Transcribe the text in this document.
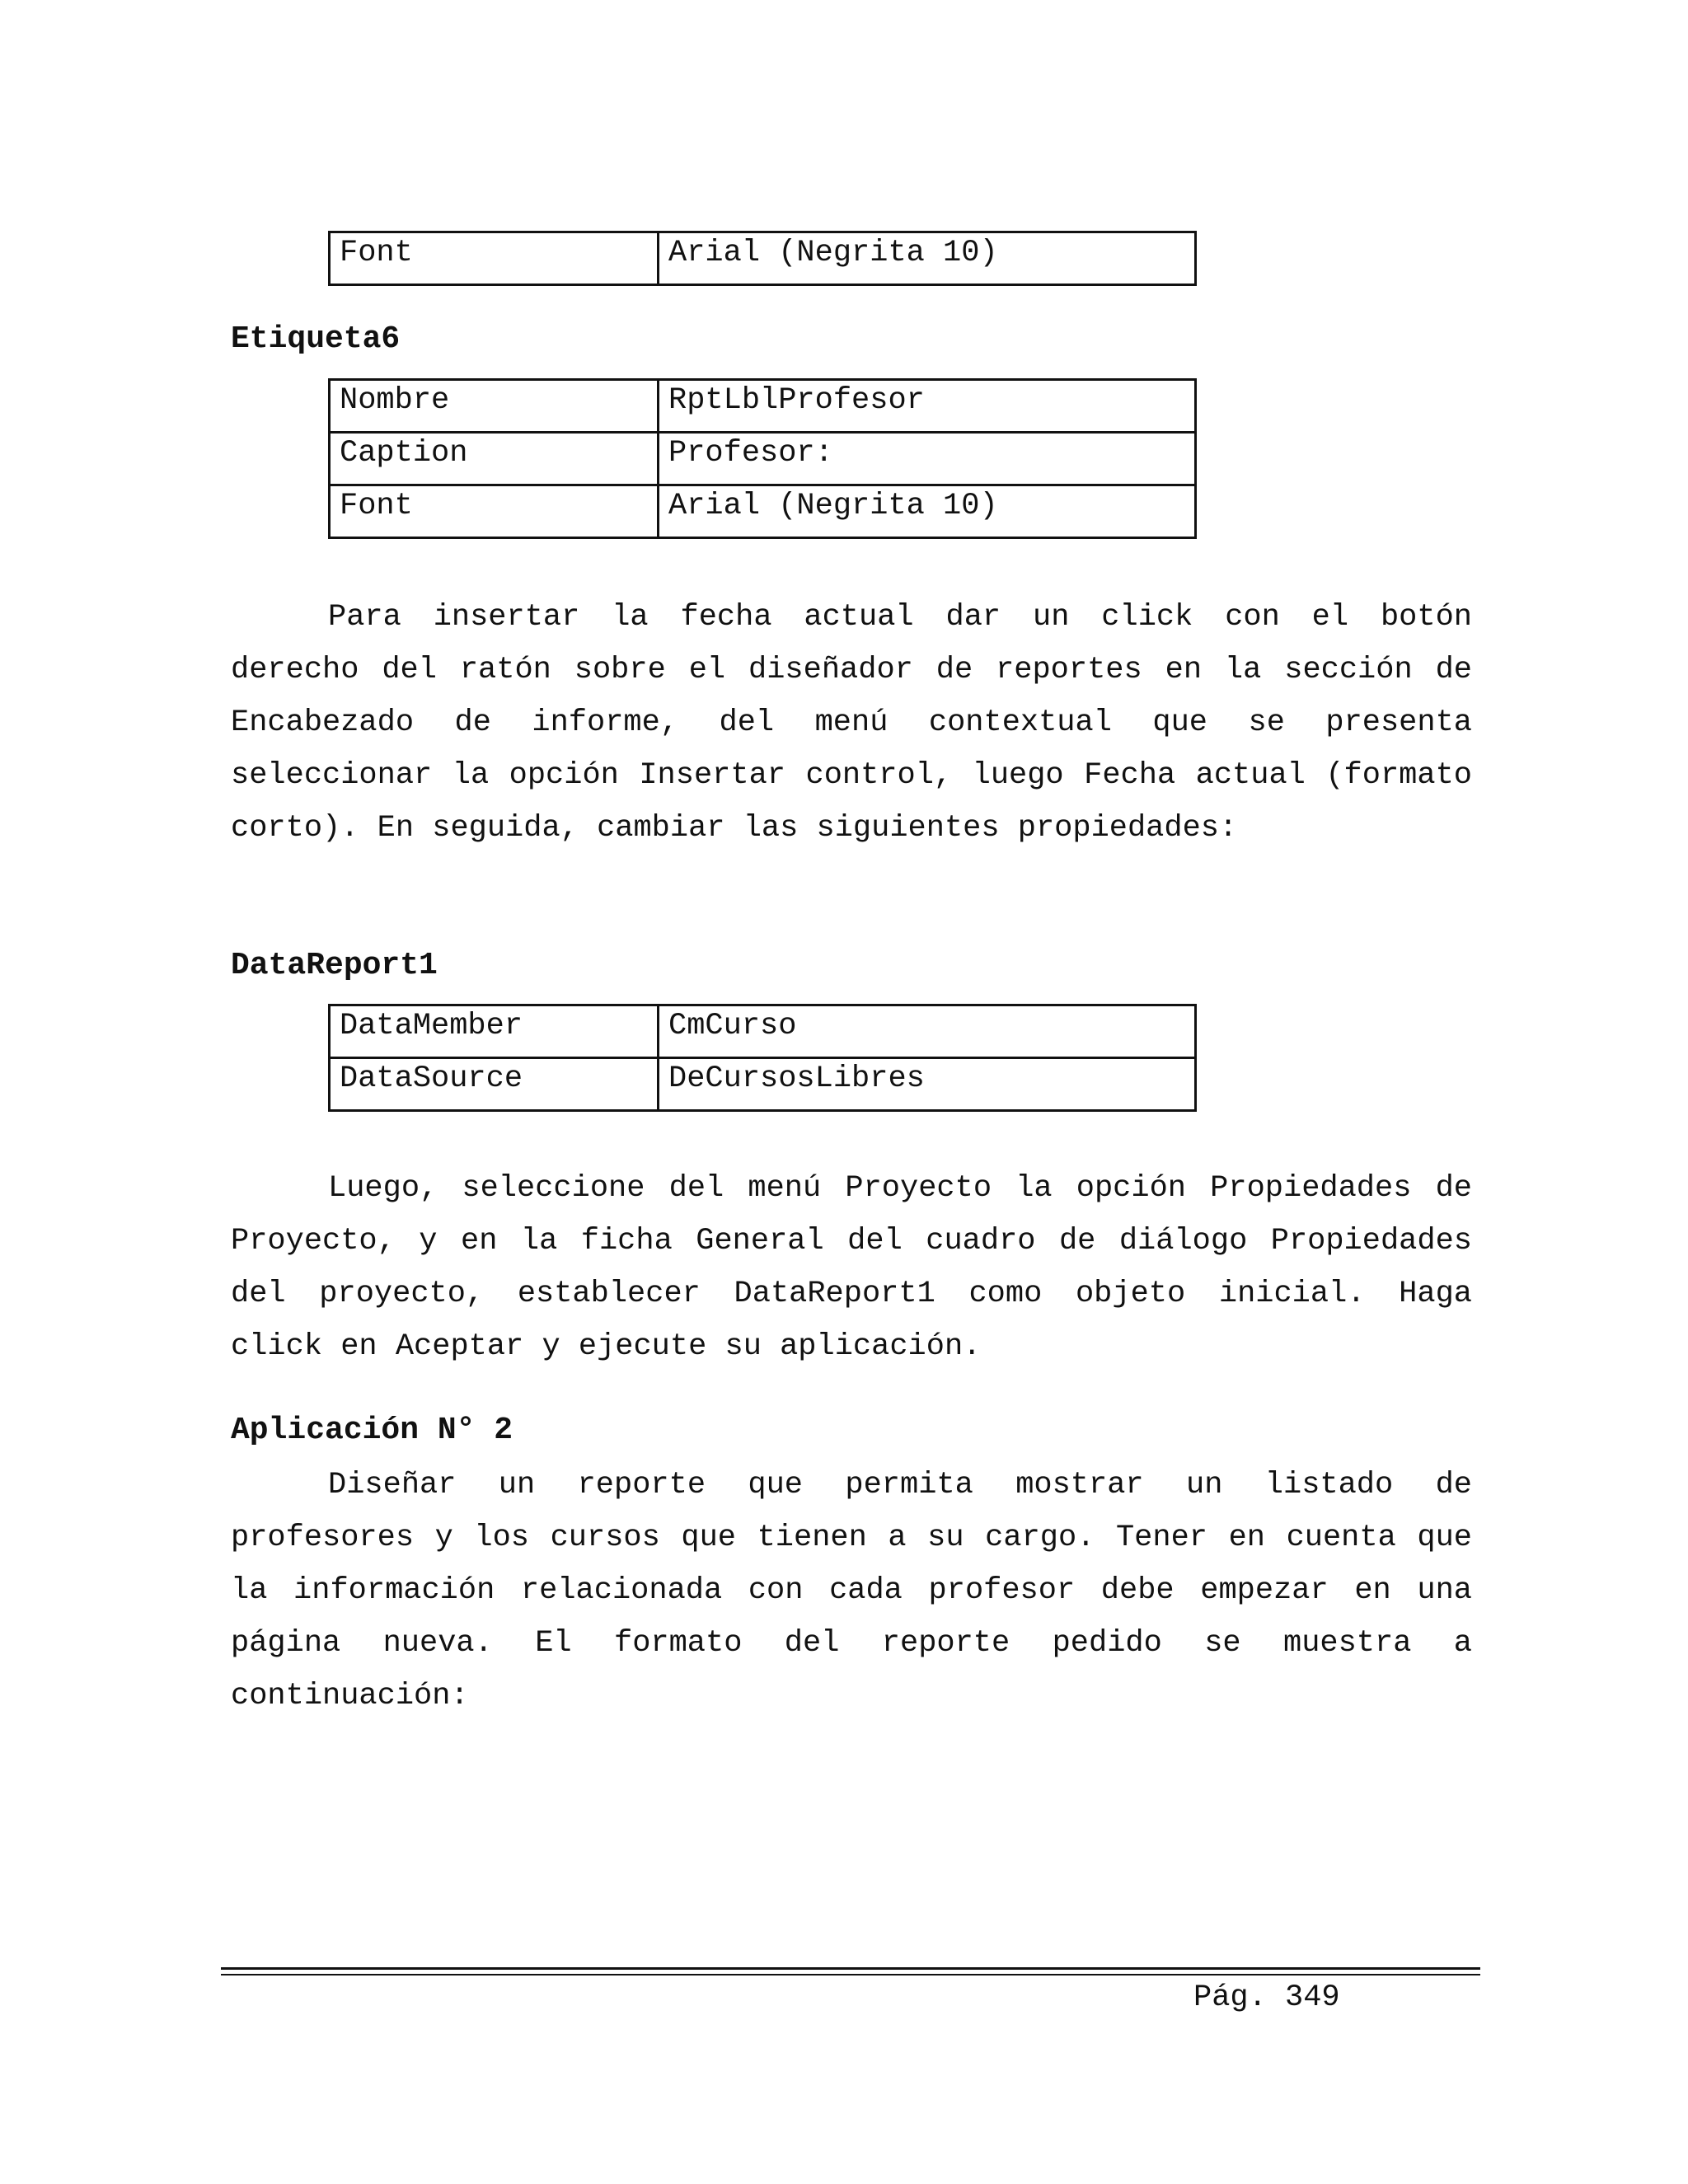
Font	Arial (Negrita 10)
Etiqueta6
Nombre	RptLblProfesor
Caption	Profesor:
Font	Arial (Negrita 10)

Para insertar la fecha actual dar un click con el botón derecho del ratón sobre el diseñador de reportes en la sección de Encabezado de informe, del menú contextual que se presenta seleccionar la opción Insertar control, luego Fecha actual (formato corto). En seguida, cambiar las siguientes propiedades:

DataReport1
DataMember	CmCurso
DataSource	DeCursosLibres

Luego, seleccione del menú Proyecto la opción Propiedades de Proyecto, y en la ficha General del cuadro de diálogo Propiedades del proyecto, establecer DataReport1 como objeto inicial. Haga click en Aceptar y ejecute su aplicación.

Aplicación N° 2

Diseñar un reporte que permita mostrar un listado de profesores y los cursos que tienen a su cargo. Tener en cuenta que la información relacionada con cada profesor debe empezar en una página nueva. El formato del reporte pedido se muestra a continuación:

Pág. 349
